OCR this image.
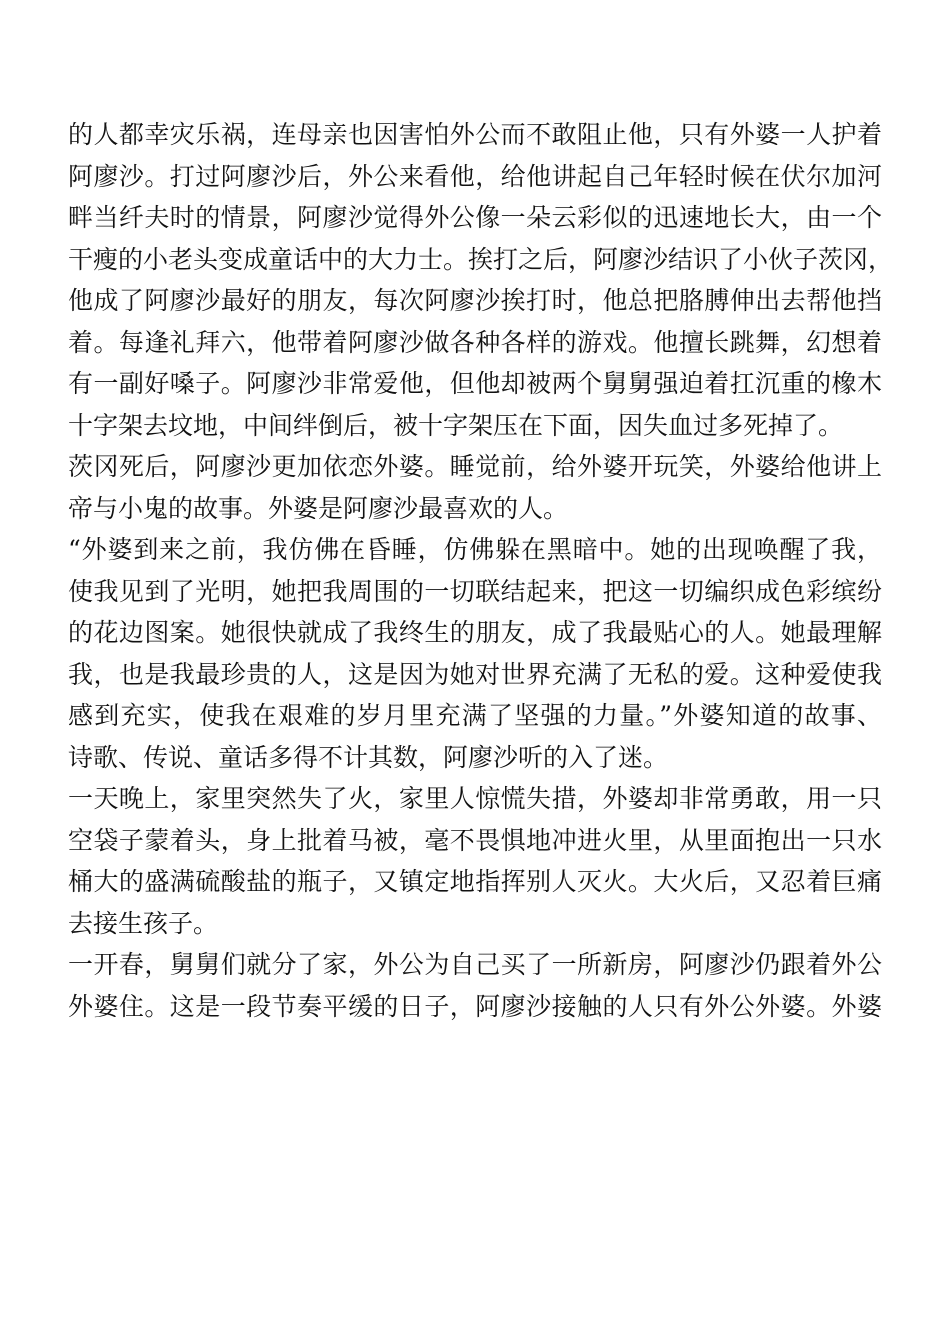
的人都幸灾乐祸，连母亲也因害怕外公而不敢阻止他，只有外婆一人护着
阿廖沙。打过阿廖沙后，外公来看他，给他讲起自己年轻时候在伏尔加河
畔当纤夫时的情景，阿廖沙觉得外公像一朵云彩似的迅速地长大，由一个
干瘦的小老头变成童话中的大力士。挨打之后，阿廖沙结识了小伙子茨冈，
他成了阿廖沙最好的朋友，每次阿廖沙挨打时，他总把胳膊伸出去帮他挡
着。每逢礼拜六，他带着阿廖沙做各种各样的游戏。他擅长跳舞，幻想着
有一副好嗓子。阿廖沙非常爱他，但他却被两个舅舅强迫着扛沉重的橡木
十字架去坟地，中间绊倒后，被十字架压在下面，因失血过多死掉了。
茨冈死后，阿廖沙更加依恋外婆。睡觉前，给外婆开玩笑，外婆给他讲上
帝与小鬼的故事。外婆是阿廖沙最喜欢的人。
“外婆到来之前，我仿佛在昏睡，仿佛躲在黑暗中。她的出现唤醒了我，
使我见到了光明，她把我周围的一切联结起来，把这一切编织成色彩缤纷
的花边图案。她很快就成了我终生的朋友，成了我最贴心的人。她最理解
我，也是我最珍贵的人，这是因为她对世界充满了无私的爱。这种爱使我
感到充实，使我在艰难的岁月里充满了坚强的力量。”外婆知道的故事、
诗歌、传说、童话多得不计其数，阿廖沙听的入了迷。
一天晚上，家里突然失了火，家里人惊慌失措，外婆却非常勇敢，用一只
空袋子蒙着头，身上批着马被，毫不畏惧地冲进火里，从里面抱出一只水
桶大的盛满硫酸盐的瓶子，又镇定地指挥别人灭火。大火后，又忍着巨痛
去接生孩子。
一开春，舅舅们就分了家，外公为自己买了一所新房，阿廖沙仍跟着外公
外婆住。这是一段节奏平缓的日子，阿廖沙接触的人只有外公外婆。外婆
